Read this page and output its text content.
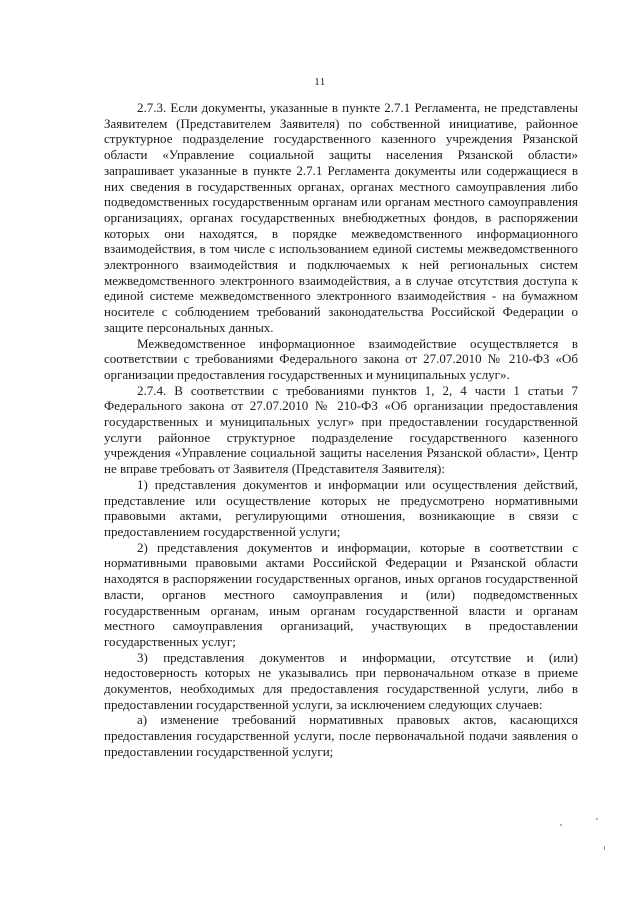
11

2.7.3. Если документы, указанные в пункте 2.7.1 Регламента, не представлены Заявителем (Представителем Заявителя) по собственной инициативе, районное структурное подразделение государственного казенного учреждения Рязанской области «Управление социальной защиты населения Рязанской области» запрашивает указанные в пункте 2.7.1 Регламента документы или содержащиеся в них сведения в государственных органах, органах местного самоуправления либо подведомственных государственным органам или органам местного самоуправления организациях, органах государственных внебюджетных фондов, в распоряжении которых они находятся, в порядке межведомственного информационного взаимодействия, в том числе с использованием единой системы межведомственного электронного взаимодействия и подключаемых к ней региональных систем межведомственного электронного взаимодействия, а в случае отсутствия доступа к единой системе межведомственного электронного взаимодействия - на бумажном носителе с соблюдением требований законодательства Российской Федерации о защите персональных данных.

Межведомственное информационное взаимодействие осуществляется в соответствии с требованиями Федерального закона от 27.07.2010 № 210-ФЗ «Об организации предоставления государственных и муниципальных услуг».

2.7.4. В соответствии с требованиями пунктов 1, 2, 4 части 1 статьи 7 Федерального закона от 27.07.2010 № 210-ФЗ «Об организации предоставления государственных и муниципальных услуг» при предоставлении государственной услуги районное структурное подразделение государственного казенного учреждения «Управление социальной защиты населения Рязанской области», Центр не вправе требовать от Заявителя (Представителя Заявителя):

1) представления документов и информации или осуществления действий, представление или осуществление которых не предусмотрено нормативными правовыми актами, регулирующими отношения, возникающие в связи с предоставлением государственной услуги;

2) представления документов и информации, которые в соответствии с нормативными правовыми актами Российской Федерации и Рязанской области находятся в распоряжении государственных органов, иных органов государственной власти, органов местного самоуправления и (или) подведомственных государственным органам, иным органам государственной власти и органам местного самоуправления организаций, участвующих в предоставлении государственных услуг;

3) представления документов и информации, отсутствие и (или) недостоверность которых не указывались при первоначальном отказе в приеме документов, необходимых для предоставления государственной услуги, либо в предоставлении государственной услуги, за исключением следующих случаев:

а) изменение требований нормативных правовых актов, касающихся предоставления государственной услуги, после первоначальной подачи заявления о предоставлении государственной услуги;
